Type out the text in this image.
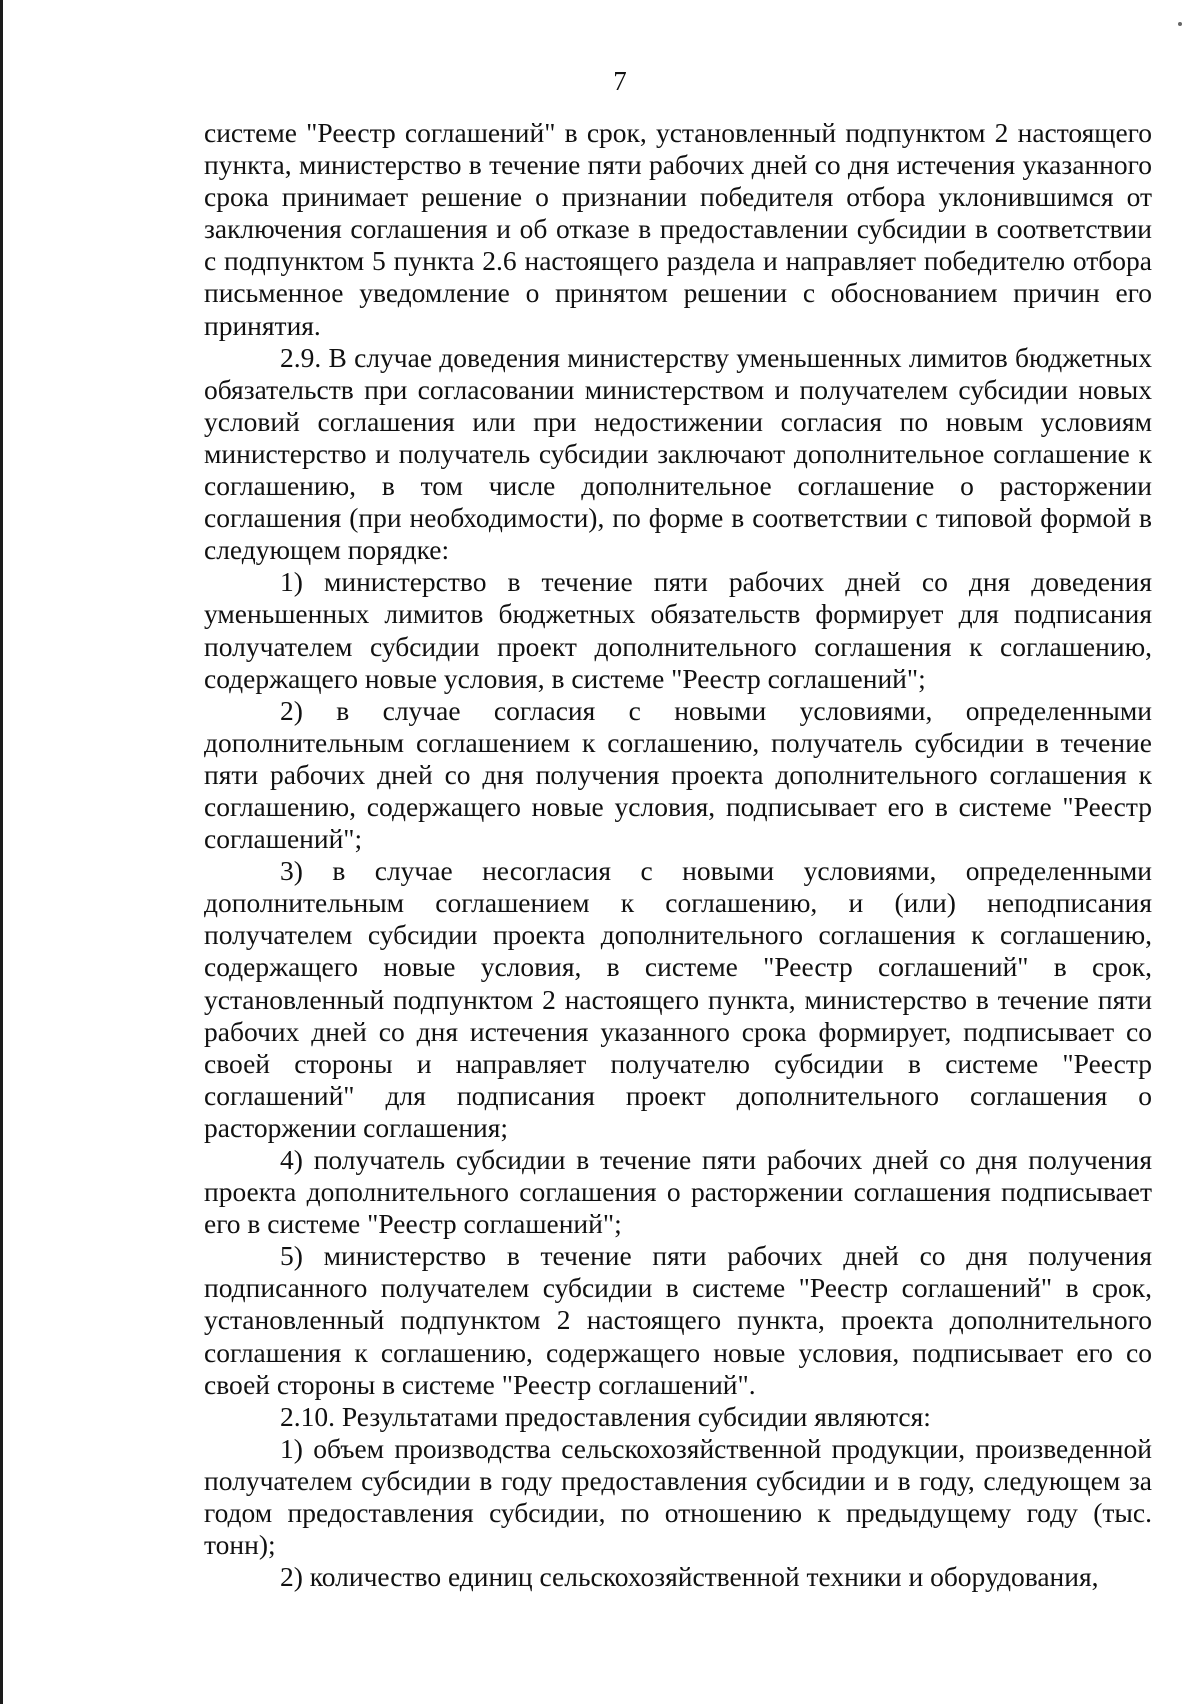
7

системе "Реестр соглашений" в срок, установленный подпунктом 2 настоящего пункта, министерство в течение пяти рабочих дней со дня истечения указанного срока принимает решение о признании победителя отбора уклонившимся от заключения соглашения и об отказе в предоставлении субсидии в соответствии с подпунктом 5 пункта 2.6 настоящего раздела и направляет победителю отбора письменное уведомление о принятом решении с обоснованием причин его принятия.

2.9. В случае доведения министерству уменьшенных лимитов бюджетных обязательств при согласовании министерством и получателем субсидии новых условий соглашения или при недостижении согласия по новым условиям министерство и получатель субсидии заключают дополнительное соглашение к соглашению, в том числе дополнительное соглашение о расторжении соглашения (при необходимости), по форме в соответствии с типовой формой в следующем порядке:

1) министерство в течение пяти рабочих дней со дня доведения уменьшенных лимитов бюджетных обязательств формирует для подписания получателем субсидии проект дополнительного соглашения к соглашению, содержащего новые условия, в системе "Реестр соглашений";

2) в случае согласия с новыми условиями, определенными дополнительным соглашением к соглашению, получатель субсидии в течение пяти рабочих дней со дня получения проекта дополнительного соглашения к соглашению, содержащего новые условия, подписывает его в системе "Реестр соглашений";

3) в случае несогласия с новыми условиями, определенными дополнительным соглашением к соглашению, и (или) неподписания получателем субсидии проекта дополнительного соглашения к соглашению, содержащего новые условия, в системе "Реестр соглашений" в срок, установленный подпунктом 2 настоящего пункта, министерство в течение пяти рабочих дней со дня истечения указанного срока формирует, подписывает со своей стороны и направляет получателю субсидии в системе "Реестр соглашений" для подписания проект дополнительного соглашения о расторжении соглашения;

4) получатель субсидии в течение пяти рабочих дней со дня получения проекта дополнительного соглашения о расторжении соглашения подписывает его в системе "Реестр соглашений";

5) министерство в течение пяти рабочих дней со дня получения подписанного получателем субсидии в системе "Реестр соглашений" в срок, установленный подпунктом 2 настоящего пункта, проекта дополнительного соглашения к соглашению, содержащего новые условия, подписывает его со своей стороны в системе "Реестр соглашений".

2.10. Результатами предоставления субсидии являются:

1) объем производства сельскохозяйственной продукции, произведенной получателем субсидии в году предоставления субсидии и в году, следующем за годом предоставления субсидии, по отношению к предыдущему году (тыс. тонн);

2) количество единиц сельскохозяйственной техники и оборудования,
